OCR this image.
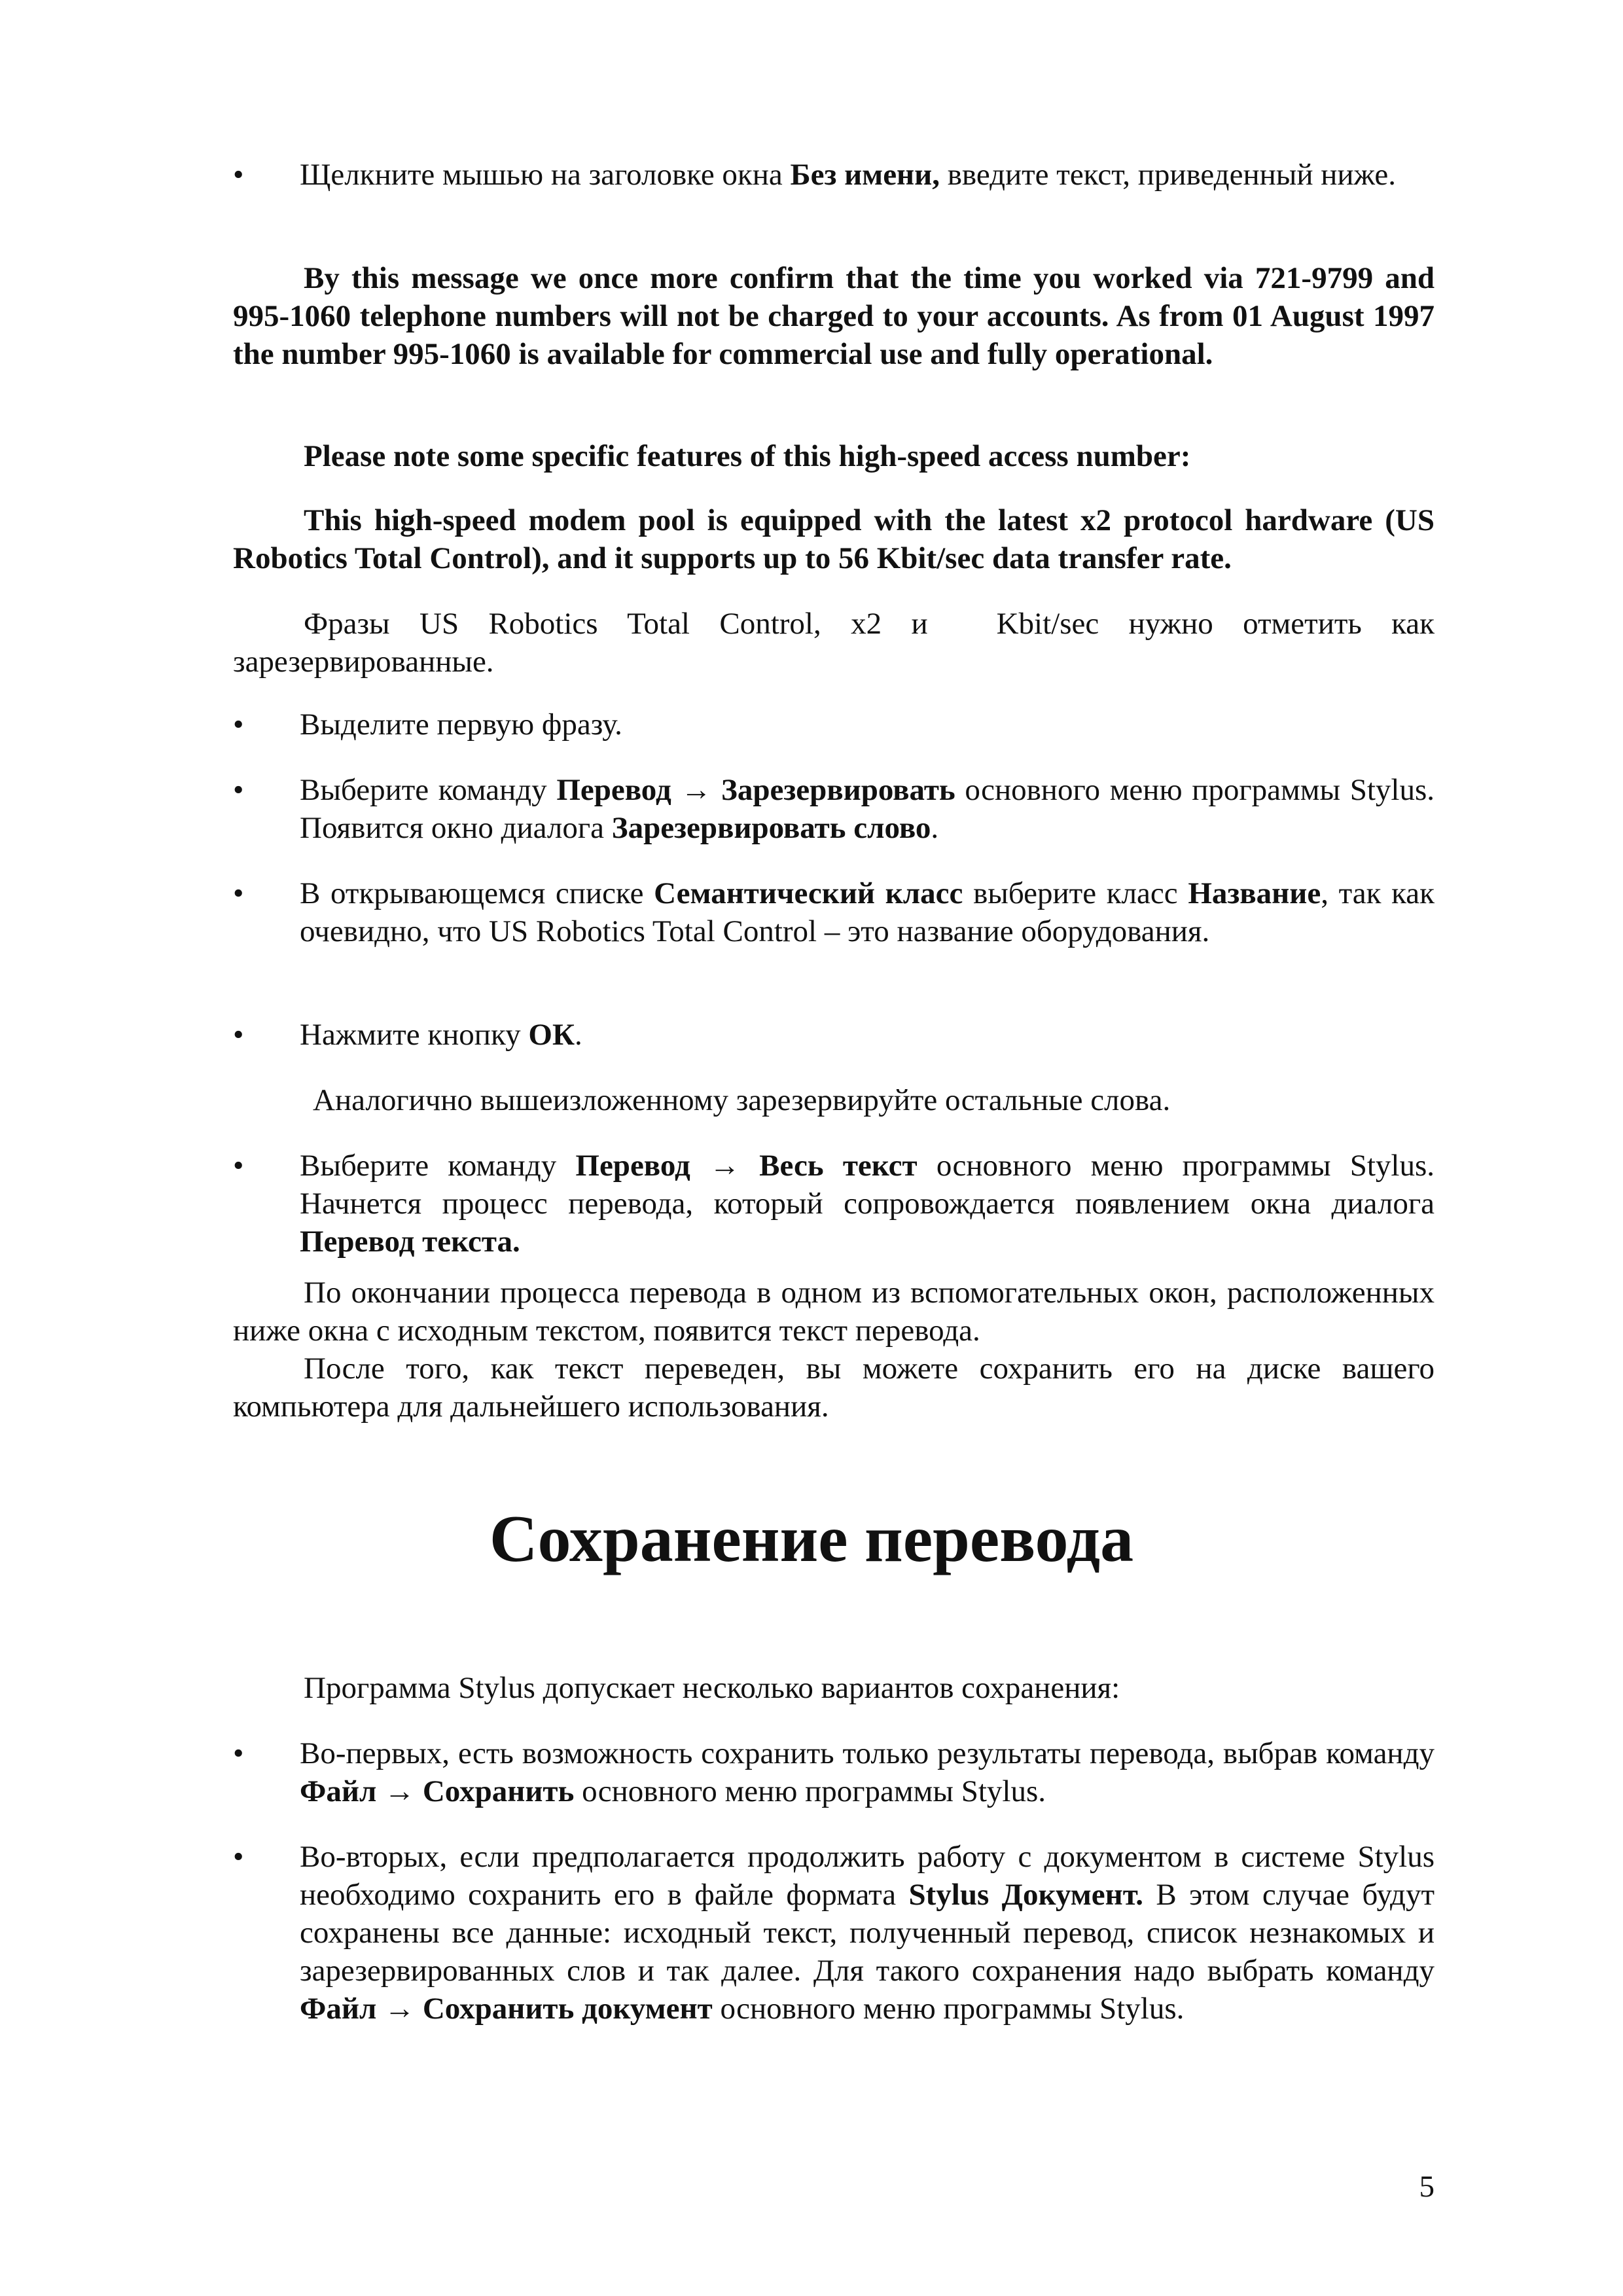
• Щелкните мышью на заголовке окна Без имени, введите текст, приведенный ниже.

By this message we once more confirm that the time you worked via 721-9799 and 995-1060 telephone numbers will not be charged to your accounts. As from 01 August 1997 the number 995-1060 is available for commercial use and fully operational.

Please note some specific features of this high-speed access number:

This high-speed modem pool is equipped with the latest x2 protocol hardware (US Robotics Total Control), and it supports up to 56 Kbit/sec data transfer rate.

Фразы US Robotics Total Control, x2 и Kbit/sec нужно отметить как зарезервированные.

• Выделите первую фразу.

• Выберите команду Перевод → Зарезервировать основного меню программы Stylus. Появится окно диалога Зарезервировать слово.

• В открывающемся списке Семантический класс выберите класс Название, так как очевидно, что US Robotics Total Control – это название оборудования.

• Нажмите кнопку ОК.

Аналогично вышеизложенному зарезервируйте остальные слова.

• Выберите команду Перевод → Весь текст основного меню программы Stylus. Начнется процесс перевода, который сопровождается появлением окна диалога Перевод текста.

По окончании процесса перевода в одном из вспомогательных окон, расположенных ниже окна с исходным текстом, появится текст перевода.

После того, как текст переведен, вы можете сохранить его на диске вашего компьютера для дальнейшего использования.

Сохранение перевода

Программа Stylus допускает несколько вариантов сохранения:

• Во-первых, есть возможность сохранить только результаты перевода, выбрав команду Файл → Сохранить основного меню программы Stylus.

• Во-вторых, если предполагается продолжить работу с документом в системе Stylus необходимо сохранить его в файле формата Stylus Документ. В этом случае будут сохранены все данные: исходный текст, полученный перевод, список незнакомых и зарезервированных слов и так далее. Для такого сохранения надо выбрать команду Файл → Сохранить документ основного меню программы Stylus.

5
